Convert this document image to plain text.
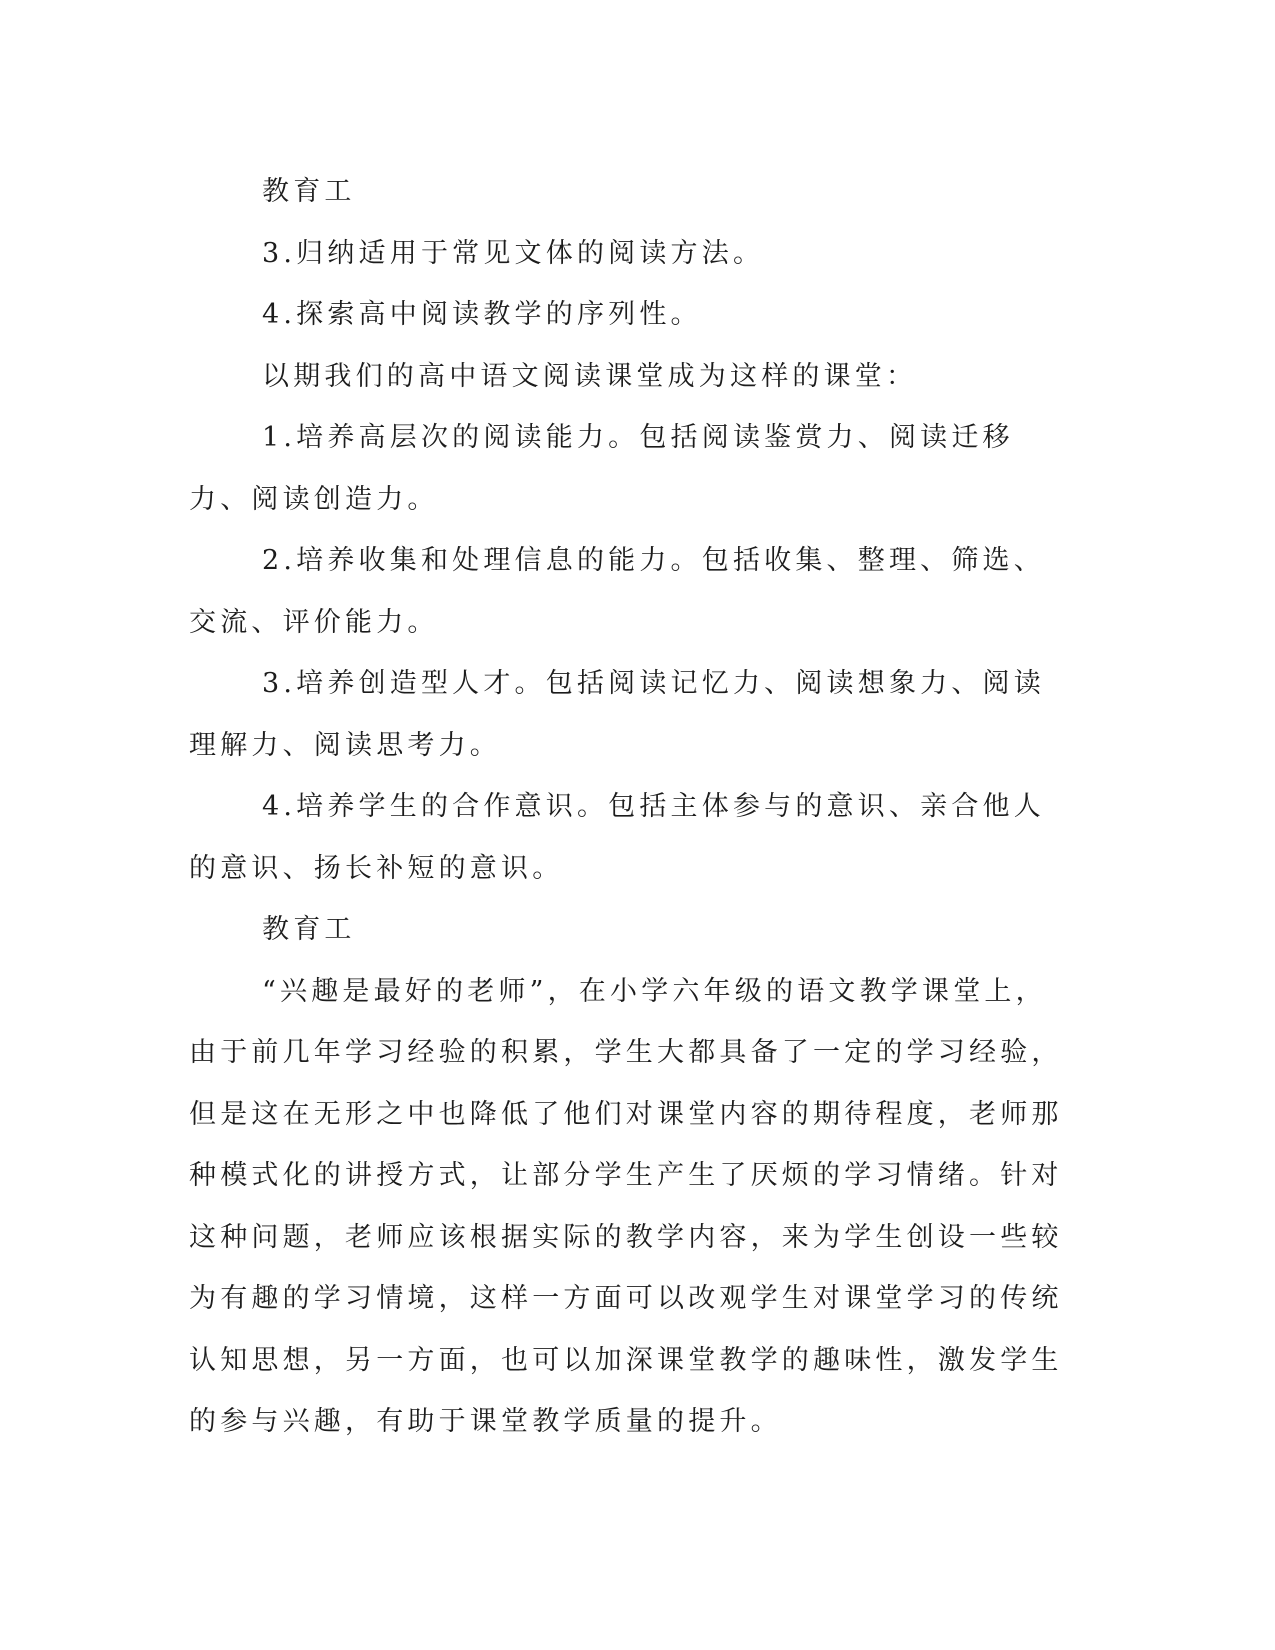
教育工

3.归纳适用于常见文体的阅读方法。

4.探索高中阅读教学的序列性。

以期我们的高中语文阅读课堂成为这样的课堂：

1.培养高层次的阅读能力。包括阅读鉴赏力、阅读迁移力、阅读创造力。

2.培养收集和处理信息的能力。包括收集、整理、筛选、交流、评价能力。

3.培养创造型人才。包括阅读记忆力、阅读想象力、阅读理解力、阅读思考力。

4.培养学生的合作意识。包括主体参与的意识、亲合他人的意识、扬长补短的意识。

教育工

“兴趣是最好的老师”，在小学六年级的语文教学课堂上，由于前几年学习经验的积累，学生大都具备了一定的学习经验，但是这在无形之中也降低了他们对课堂内容的期待程度，老师那种模式化的讲授方式，让部分学生产生了厌烦的学习情绪。针对这种问题，老师应该根据实际的教学内容，来为学生创设一些较为有趣的学习情境，这样一方面可以改观学生对课堂学习的传统认知思想，另一方面，也可以加深课堂教学的趣味性，激发学生的参与兴趣，有助于课堂教学质量的提升。
